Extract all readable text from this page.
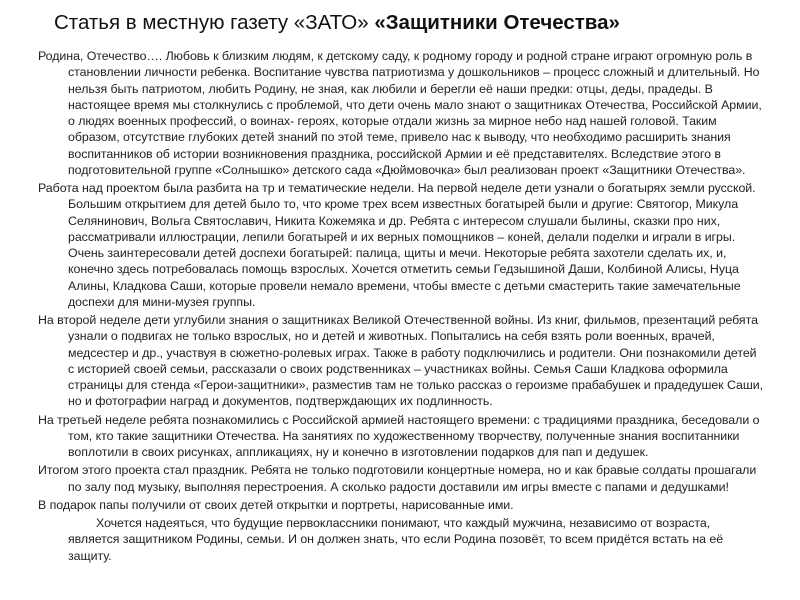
Статья в местную газету «ЗАТО» «Защитники Отечества»

Родина, Отечество…. Любовь к близким людям, к детскому саду, к родному городу и родной стране играют огромную роль в становлении личности ребенка. Воспитание чувства патриотизма у дошкольников – процесс сложный и длительный. Но нельзя быть патриотом, любить Родину, не зная, как любили и берегли её наши предки: отцы, деды, прадеды. В настоящее время мы столкнулись с проблемой, что дети очень мало знают о защитниках Отечества, Российской Армии, о людях военных профессий, о воинах- героях, которые отдали жизнь за мирное небо над нашей головой. Таким образом, отсутствие глубоких детей знаний по этой теме, привело нас к выводу, что необходимо расширить знания воспитанников об истории возникновения праздника, российской Армии и её представителях. Вследствие этого в подготовительной группе «Солнышко» детского сада «Дюймовочка» был реализован проект «Защитники Отечества».

Работа над проектом была разбита на тр и тематические недели. На первой неделе дети узнали о богатырях земли русской. Большим открытием для детей было то, что кроме трех всем известных богатырей были и другие: Святогор, Микула Селянинович, Вольга Святославич, Никита Кожемяка и др. Ребята с интересом слушали былины, сказки про них, рассматривали иллюстрации, лепили богатырей и их верных помощников – коней, делали поделки и играли в игры. Очень заинтересовали детей доспехи богатырей: палица, щиты и мечи. Некоторые ребята захотели сделать их, и, конечно здесь потребовалась помощь взрослых. Хочется отметить семьи Гедзышиной Даши, Колбиной Алисы, Нуца Алины, Кладкова Саши, которые провели немало времени, чтобы вместе с детьми смастерить такие замечательные доспехи для мини-музея группы.

На второй неделе дети углубили знания о защитниках Великой Отечественной войны. Из книг, фильмов, презентаций ребята узнали о подвигах не только взрослых, но и детей и животных. Попытались на себя взять роли военных, врачей, медсестер и др., участвуя в сюжетно-ролевых играх. Также в работу подключились и родители. Они познакомили детей с историей своей семьи, рассказали о своих родственниках – участниках войны. Семья Саши Кладкова оформила страницы для стенда «Герои-защитники», разместив там не только рассказ о героизме прабабушек и прадедушек Саши, но и фотографии наград и документов, подтверждающих их подлинность.

На третьей неделе ребята познакомились с Российской армией настоящего времени: с традициями праздника, беседовали о том, кто такие защитники Отечества. На занятиях по художественному творчеству, полученные знания воспитанники воплотили в своих рисунках, аппликациях, ну и конечно в изготовлении подарков для пап и дедушек.

Итогом этого проекта стал праздник. Ребята не только подготовили концертные номера, но и как бравые солдаты прошагали по залу под музыку, выполняя перестроения. А сколько радости доставили им игры вместе с папами и дедушками!

В подарок папы получили от своих детей открытки и портреты, нарисованные ими.

Хочется надеяться, что будущие первоклассники понимают, что каждый мужчина, независимо от возраста, является защитником Родины, семьи. И он должен знать, что если Родина позовёт, то всем придётся встать на её защиту.
